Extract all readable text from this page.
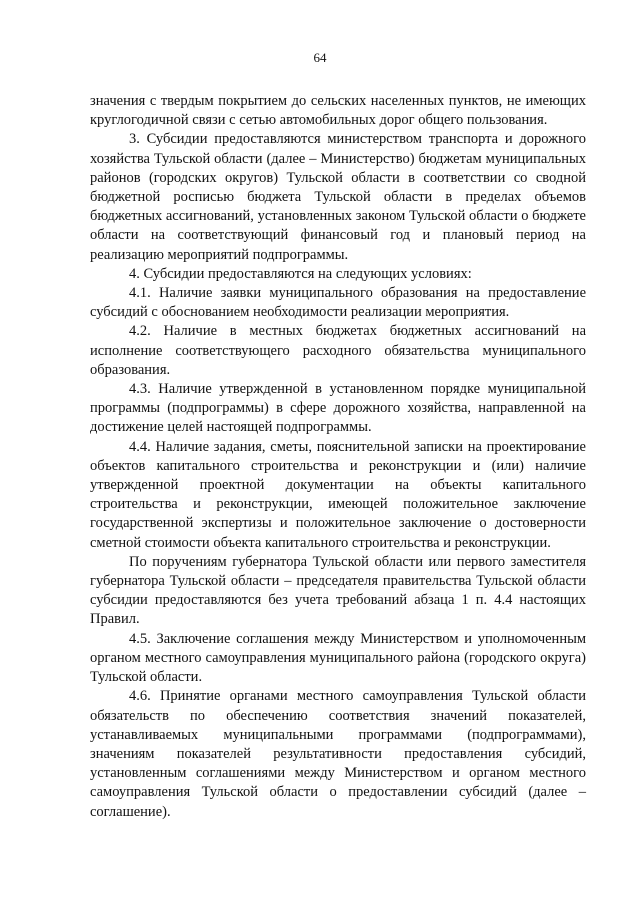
64

значения с твердым покрытием до сельских населенных пунктов, не имеющих круглогодичной связи с сетью автомобильных дорог общего пользования.

3. Субсидии предоставляются министерством транспорта и дорожного хозяйства Тульской области (далее – Министерство) бюджетам муниципальных районов (городских округов) Тульской области в соответствии со сводной бюджетной росписью бюджета Тульской области в пределах объемов бюджетных ассигнований, установленных законом Тульской области о бюджете области на соответствующий финансовый год и плановый период на реализацию мероприятий подпрограммы.

4. Субсидии предоставляются на следующих условиях:

4.1. Наличие заявки муниципального образования на предоставление субсидий с обоснованием необходимости реализации мероприятия.

4.2. Наличие в местных бюджетах бюджетных ассигнований на исполнение соответствующего расходного обязательства муниципального образования.

4.3. Наличие утвержденной в установленном порядке муниципальной программы (подпрограммы) в сфере дорожного хозяйства, направленной на достижение целей настоящей подпрограммы.

4.4. Наличие задания, сметы, пояснительной записки на проектирование объектов капитального строительства и реконструкции и (или) наличие утвержденной проектной документации на объекты капитального строительства и реконструкции, имеющей положительное заключение государственной экспертизы и положительное заключение о достоверности сметной стоимости объекта капитального строительства и реконструкции.

По поручениям губернатора Тульской области или первого заместителя губернатора Тульской области – председателя правительства Тульской области субсидии предоставляются без учета требований абзаца 1 п. 4.4 настоящих Правил.

4.5. Заключение соглашения между Министерством и уполномоченным органом местного самоуправления муниципального района (городского округа) Тульской области.

4.6. Принятие органами местного самоуправления Тульской области обязательств по обеспечению соответствия значений показателей, устанавливаемых муниципальными программами (подпрограммами), значениям показателей результативности предоставления субсидий, установленным соглашениями между Министерством и органом местного самоуправления Тульской области о предоставлении субсидий (далее – соглашение).
